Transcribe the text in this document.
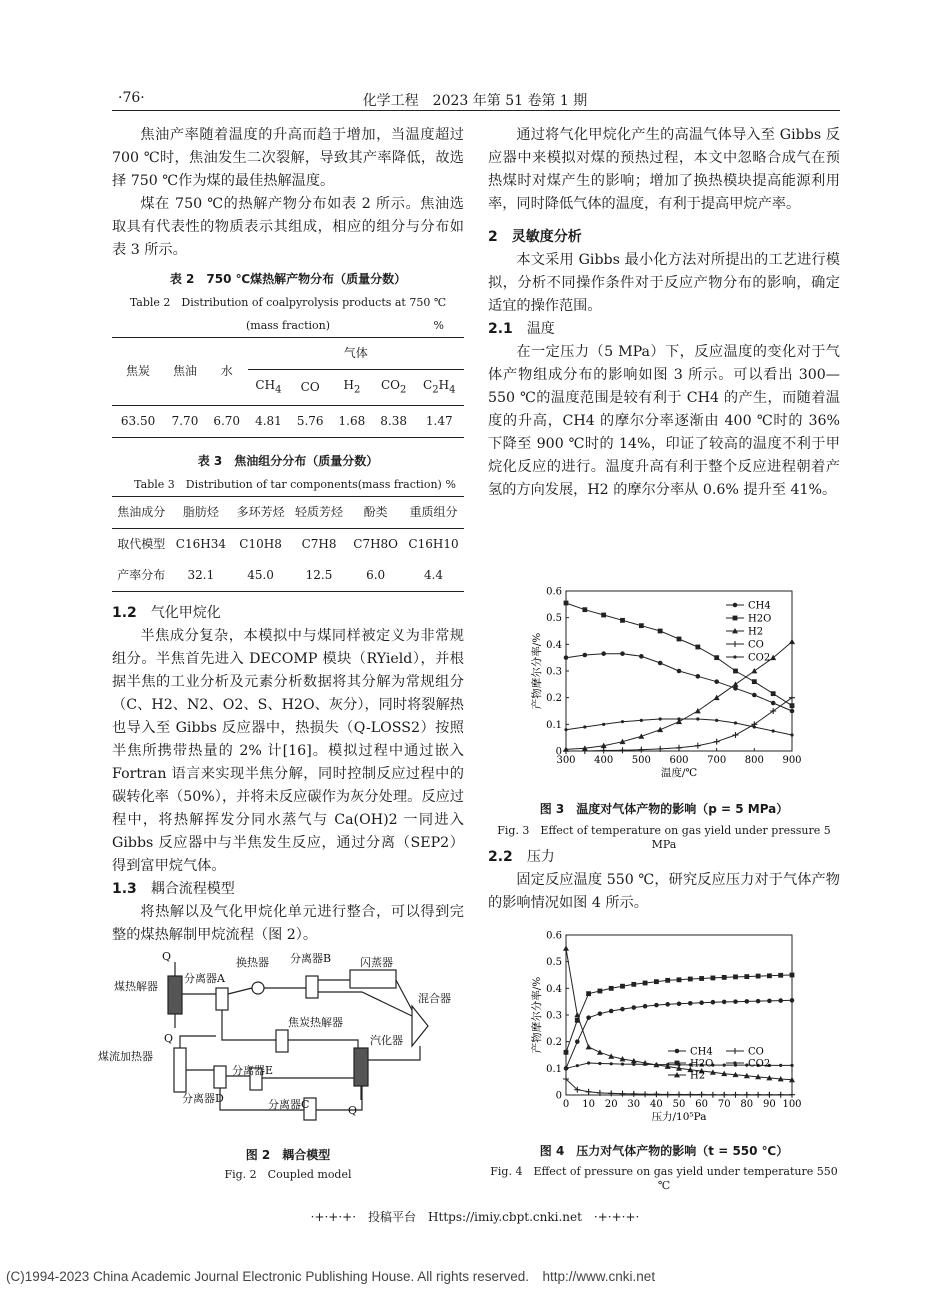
·76·	化学工程　2023 年第 51 卷第 1 期

焦油产率随着温度的升高而趋于增加，当温度超过 700 ℃时，焦油发生二次裂解，导致其产率降低，故选择 750 ℃作为煤的最佳热解温度。

煤在 750 ℃的热解产物分布如表 2 所示。焦油选取具有代表性的物质表示其组成，相应的组分与分布如表 3 所示。

表 2　750 ℃煤热解产物分布（质量分数）
Table 2　Distribution of coalpyrolysis products at 750 ℃
(mass fraction)	%
焦炭	焦油	水	气体				
			$CH_4$	CO	$H_2$	$CO_2$	$C_2H_4$
63.50	7.70	6.70	4.81	5.76	1.68	8.38	1.47
表 3　焦油组分分布（质量分数）
Table 3　Distribution of tar components(mass fraction) %
焦油成分	脂肪烃	多环芳烃	轻质芳烃	酚类	重质组分
取代模型	C16H34	C10H8	C7H8	C7H8O	C16H10
产率分布	32.1	45.0	12.5	6.0	4.4
1.2 气化甲烷化

半焦成分复杂，本模拟中与煤同样被定义为非常规组分。半焦首先进入 DECOMP 模块（RYield），并根据半焦的工业分析及元素分析数据将其分解为常规组分（C、H2、N2、O2、S、H2O、灰分），同时将裂解热也导入至 Gibbs 反应器中，热损失（Q-LOSS2）按照半焦所携带热量的 2% 计[16]。模拟过程中通过嵌入 Fortran 语言来实现半焦分解，同时控制反应过程中的碳转化率（50%），并将未反应碳作为灰分处理。反应过程中，将热解挥发分同水蒸气与 Ca(OH)2 一同进入 Gibbs 反应器中与半焦发生反应，通过分离（SEP2）得到富甲烷气体。

1.3 耦合流程模型

将热解以及气化甲烷化单元进行整合，可以得到完整的煤热解制甲烷流程（图 2）。

Q
煤热解器
分离器A
换热器 分离器B	闪蒸器
混合器
Q
焦炭热解器
煤流加热器
汽化器
分离器E
分离器D	分离器C	Q
图 2　耦合模型
Fig. 2　Coupled model

通过将气化甲烷化产生的高温气体导入至 Gibbs 反应器中来模拟对煤的预热过程，本文中忽略合成气在预热煤时对煤产生的影响；增加了换热模块提高能源利用率，同时降低气体的温度，有利于提高甲烷产率。

2 灵敏度分析

本文采用 Gibbs 最小化方法对所提出的工艺进行模拟，分析不同操作条件对于反应产物分布的影响，确定适宜的操作范围。

2.1 温度

在一定压力（5 MPa）下，反应温度的变化对于气体产物组成分布的影响如图 3 所示。可以看出 300—550 ℃的温度范围是较有利于 CH4 的产生，而随着温度的升高，CH4 的摩尔分率逐渐由 400 ℃时的 36% 下降至 900 ℃时的 14%，印证了较高的温度不利于甲烷化反应的进行。温度升高有利于整个反应进程朝着产氢的方向发展，H2 的摩尔分率从 0.6% 提升至 41%。

300 400 500 600 700 800 900
0
0.1
0.2
0.3
0.4
0.5
0.6
温度/℃
产物摩尔分率/%
CH4
H2O
H2
CO
CO2
图 3　温度对气体产物的影响（p = 5 MPa）
Fig. 3　Effect of temperature on gas yield under pressure 5 MPa
2.2 压力

固定反应温度 550 ℃，研究反应压力对于气体产物的影响情况如图 4 所示。

0 10 20 30 40 50 60 70 80 90 100
0
0.1
0.2
0.3
0.4
0.5
0.6
压力/10⁵Pa
产物摩尔分率/%	CH4
H2O
H2
CO
CO2
图 4　压力对气体产物的影响（t = 550 ℃）
Fig. 4　Effect of pressure on gas yield under temperature 550 ℃
·+·+·+·　投稿平台　Https://imiy.cbpt.cnki.net　·+·+·+·
(C)1994-2023 China Academic Journal Electronic Publishing House. All rights reserved.　http://www.cnki.net
